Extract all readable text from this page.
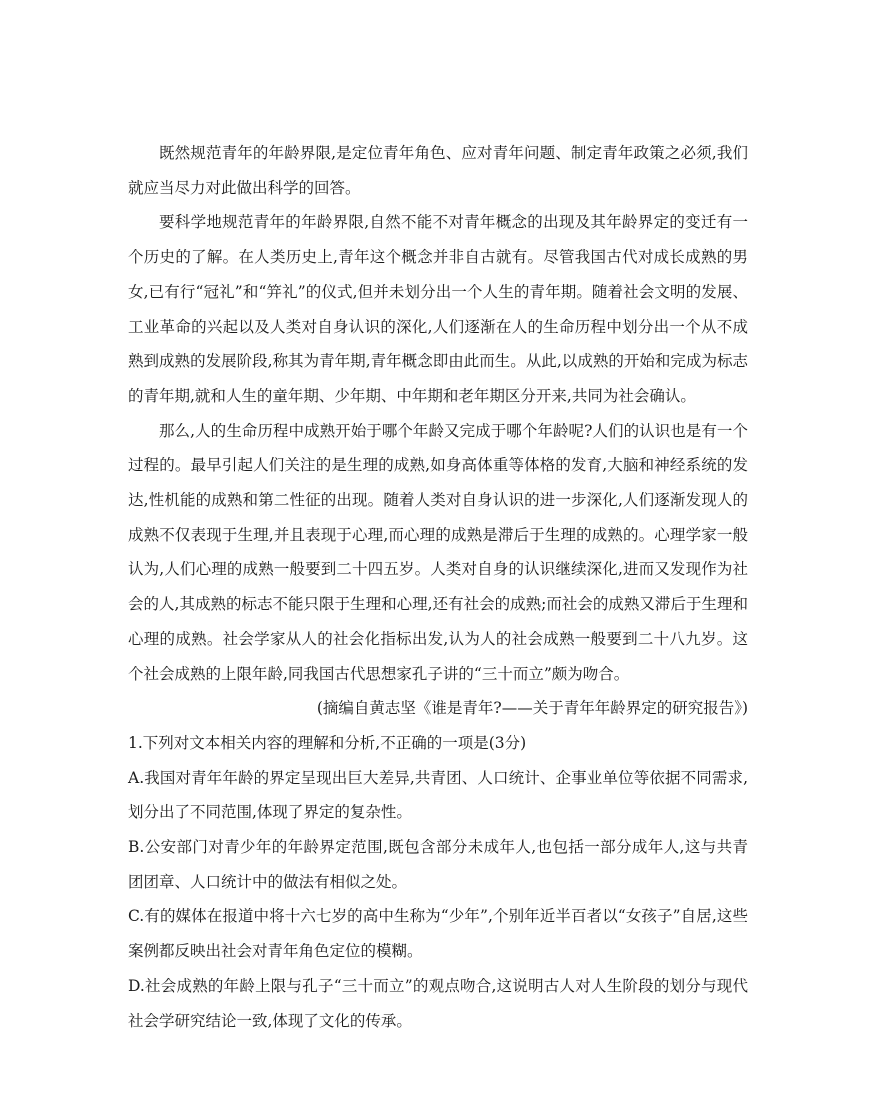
既然规范青年的年龄界限,是定位青年角色、应对青年问题、制定青年政策之必须,我们就应当尽力对此做出科学的回答。

要科学地规范青年的年龄界限,自然不能不对青年概念的出现及其年龄界定的变迁有一个历史的了解。在人类历史上,青年这个概念并非自古就有。尽管我国古代对成长成熟的男女,已有行“冠礼”和“笄礼”的仪式,但并未划分出一个人生的青年期。随着社会文明的发展、工业革命的兴起以及人类对自身认识的深化,人们逐渐在人的生命历程中划分出一个从不成熟到成熟的发展阶段,称其为青年期,青年概念即由此而生。从此,以成熟的开始和完成为标志的青年期,就和人生的童年期、少年期、中年期和老年期区分开来,共同为社会确认。

那么,人的生命历程中成熟开始于哪个年龄又完成于哪个年龄呢?人们的认识也是有一个过程的。最早引起人们关注的是生理的成熟,如身高体重等体格的发育,大脑和神经系统的发达,性机能的成熟和第二性征的出现。随着人类对自身认识的进一步深化,人们逐渐发现人的成熟不仅表现于生理,并且表现于心理,而心理的成熟是滞后于生理的成熟的。心理学家一般认为,人们心理的成熟一般要到二十四五岁。人类对自身的认识继续深化,进而又发现作为社会的人,其成熟的标志不能只限于生理和心理,还有社会的成熟;而社会的成熟又滞后于生理和心理的成熟。社会学家从人的社会化指标出发,认为人的社会成熟一般要到二十八九岁。这个社会成熟的上限年龄,同我国古代思想家孔子讲的“三十而立”颇为吻合。

(摘编自黄志坚《谁是青年?——关于青年年龄界定的研究报告》)

1.下列对文本相关内容的理解和分析,不正确的一项是(3分)

A.我国对青年年龄的界定呈现出巨大差异,共青团、人口统计、企事业单位等依据不同需求,划分出了不同范围,体现了界定的复杂性。

B.公安部门对青少年的年龄界定范围,既包含部分未成年人,也包括一部分成年人,这与共青团团章、人口统计中的做法有相似之处。

C.有的媒体在报道中将十六七岁的高中生称为“少年”,个别年近半百者以“女孩子”自居,这些案例都反映出社会对青年角色定位的模糊。

D.社会成熟的年龄上限与孔子“三十而立”的观点吻合,这说明古人对人生阶段的划分与现代社会学研究结论一致,体现了文化的传承。
